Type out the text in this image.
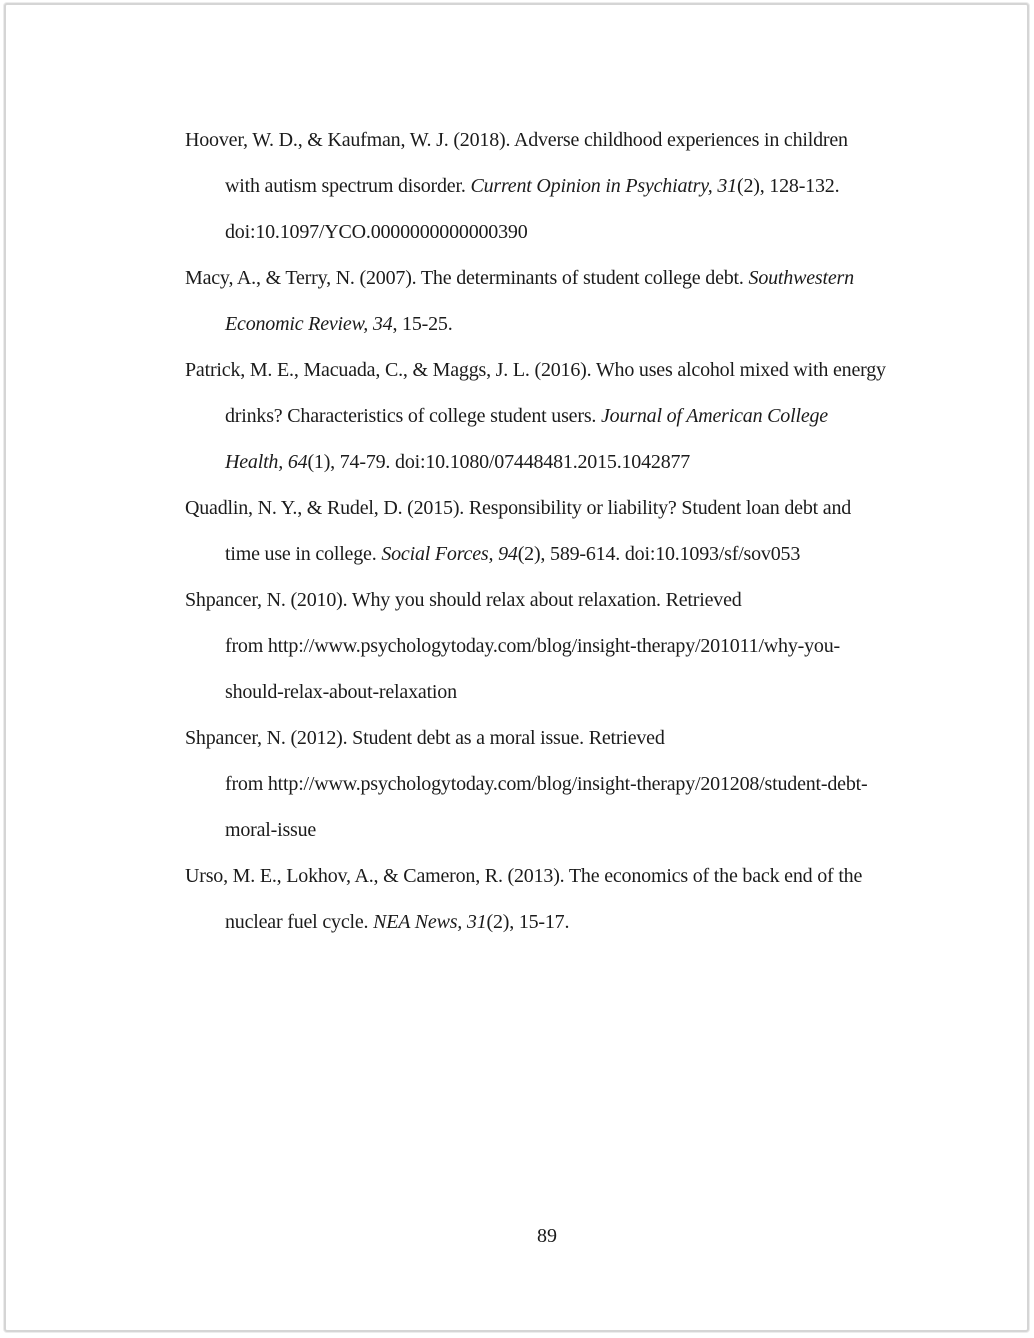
Hoover, W. D., & Kaufman, W. J. (2018). Adverse childhood experiences in children
with autism spectrum disorder. Current Opinion in Psychiatry, 31(2), 128-132.
doi:10.1097/YCO.0000000000000390
Macy, A., & Terry, N. (2007). The determinants of student college debt. Southwestern
Economic Review, 34, 15-25.
Patrick, M. E., Macuada, C., & Maggs, J. L. (2016). Who uses alcohol mixed with energy
drinks? Characteristics of college student users. Journal of American College
Health, 64(1), 74-79. doi:10.1080/07448481.2015.1042877
Quadlin, N. Y., & Rudel, D. (2015). Responsibility or liability? Student loan debt and
time use in college. Social Forces, 94(2), 589-614. doi:10.1093/sf/sov053
Shpancer, N. (2010). Why you should relax about relaxation. Retrieved
from http://www.psychologytoday.com/blog/insight-therapy/201011/why-you-
should-relax-about-relaxation
Shpancer, N. (2012). Student debt as a moral issue. Retrieved
from http://www.psychologytoday.com/blog/insight-therapy/201208/student-debt-
moral-issue
Urso, M. E., Lokhov, A., & Cameron, R. (2013). The economics of the back end of the
nuclear fuel cycle. NEA News, 31(2), 15-17.
89
